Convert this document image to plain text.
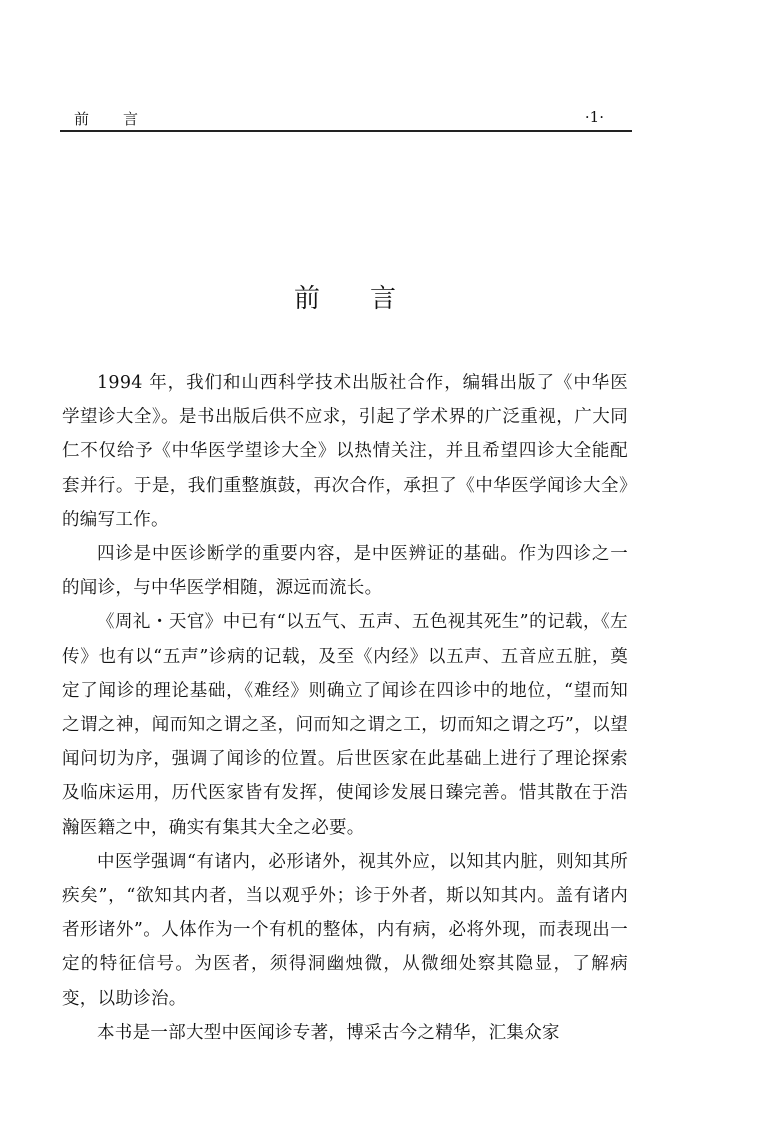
前言	·1·
前言

1994 年，我们和山西科学技术出版社合作，编辑出版了《中华医学望诊大全》。是书出版后供不应求，引起了学术界的广泛重视，广大同仁不仅给予《中华医学望诊大全》以热情关注，并且希望四诊大全能配套并行。于是，我们重整旗鼓，再次合作，承担了《中华医学闻诊大全》的编写工作。

四诊是中医诊断学的重要内容，是中医辨证的基础。作为四诊之一的闻诊，与中华医学相随，源远而流长。

《周礼・天官》中已有“以五气、五声、五色视其死生”的记载，《左传》也有以“五声”诊病的记载，及至《内经》以五声、五音应五脏，奠定了闻诊的理论基础，《难经》则确立了闻诊在四诊中的地位，“望而知之谓之神，闻而知之谓之圣，问而知之谓之工，切而知之谓之巧”，以望闻问切为序，强调了闻诊的位置。后世医家在此基础上进行了理论探索及临床运用，历代医家皆有发挥，使闻诊发展日臻完善。惜其散在于浩瀚医籍之中，确实有集其大全之必要。

中医学强调“有诸内，必形诸外，视其外应，以知其内脏，则知其所疾矣”，“欲知其内者，当以观乎外；诊于外者，斯以知其内。盖有诸内者形诸外”。人体作为一个有机的整体，内有病，必将外现，而表现出一定的特征信号。为医者，须得洞幽烛微，从微细处察其隐显，了解病变，以助诊治。

本书是一部大型中医闻诊专著，博采古今之精华，汇集众家
